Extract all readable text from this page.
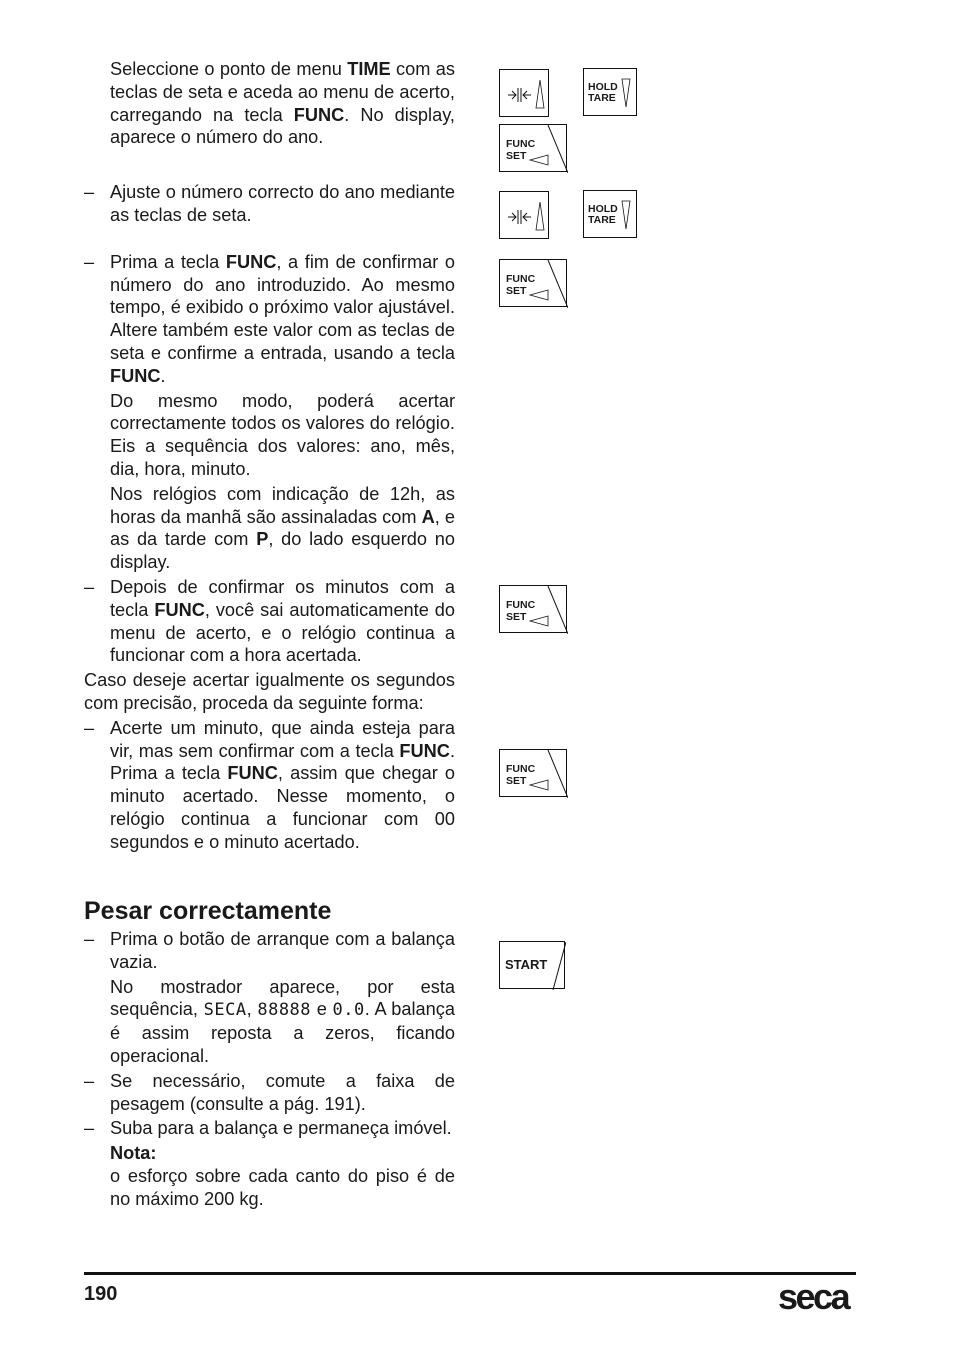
Seleccione o ponto de menu TIME com as teclas de seta e aceda ao menu de acerto, carregando na tecla FUNC. No display, aparece o número do ano.
– Ajuste o número correcto do ano mediante as teclas de seta.
– Prima a tecla FUNC, a fim de confirmar o número do ano introduzido. Ao mesmo tempo, é exibido o próximo valor ajustável. Altere também este valor com as teclas de seta e confirme a entrada, usando a tecla FUNC.
Do mesmo modo, poderá acertar correctamente todos os valores do relógio. Eis a sequência dos valores: ano, mês, dia, hora, minuto.
Nos relógios com indicação de 12h, as horas da manhã são assinaladas com A, e as da tarde com P, do lado esquerdo no display.
– Depois de confirmar os minutos com a tecla FUNC, você sai automaticamente do menu de acerto, e o relógio continua a funcionar com a hora acertada.
Caso deseje acertar igualmente os segundos com precisão, proceda da seguinte forma:
– Acerte um minuto, que ainda esteja para vir, mas sem confirmar com a tecla FUNC. Prima a tecla FUNC, assim que chegar o minuto acertado. Nesse momento, o relógio continua a funcionar com 00 segundos e o minuto acertado.
Pesar correctamente
– Prima o botão de arranque com a balança vazia.
No mostrador aparece, por esta sequência, SECA, 88888 e 0.0. A balança é assim reposta a zeros, ficando operacional.
– Se necessário, comute a faixa de pesagem (consulte a pág. 191).
– Suba para a balança e permaneça imóvel.
Nota:
o esforço sobre cada canto do piso é de no máximo 200 kg.
HOLD
TARE
FUNC
SET
HOLD
TARE
FUNC
SET
FUNC
SET
FUNC
SET
START
190	seca
